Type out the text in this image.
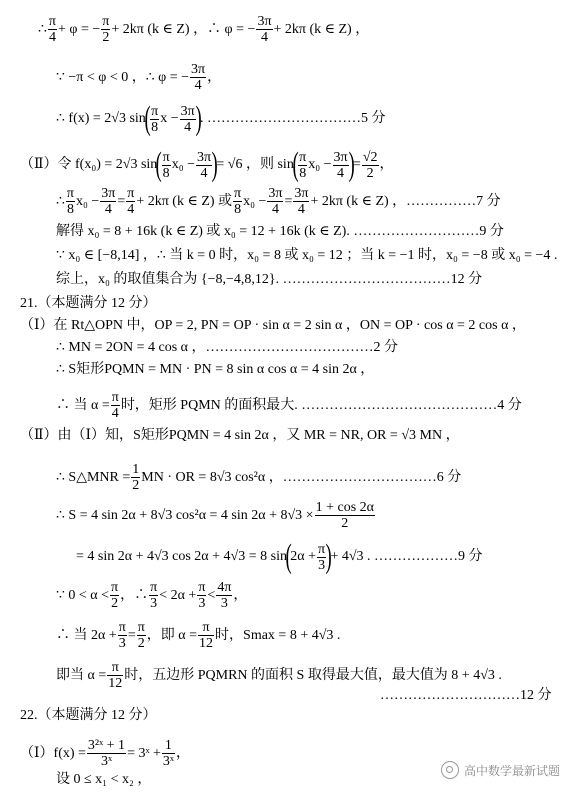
∴ $\frac{\pi}{4} + \varphi$ = − $\frac{\pi}{2} + 2k\pi$ (k ∈ Z) ，∴ φ = − $\frac{3\pi}{4} + 2k\pi$ (k ∈ Z) ，
∵ −π < φ < 0 ，∴ φ = − $\frac{3\pi}{4}$ ，
∴ f(x) = 2√3 $\sin( \frac{\pi}{8}$ $x - \frac{3\pi}{4}$ ). ……………………………5 分
（Ⅱ）令 f(x₀) = 2√3 $\sin( \frac{\pi}{8} x_0 - \frac{3\pi}{4}$ )= √6 ，则 $\sin( \frac{\pi}{8} x_0 - \frac{3\pi}{4}$ )= $\frac{√2}{2}$ ，
∴ $\frac{\pi}{8} x_0 - \frac{3\pi}{4} = \frac{\pi}{4} + 2k\pi$ (k ∈ Z) 或 $\frac{\pi}{8} x_0 - \frac{3\pi}{4} = \frac{3\pi}{4} + 2k\pi$ (k ∈ Z) ，……………7 分
解得 x₀ = 8 + 16k (k ∈ Z) 或 x₀ = 12 + 16k (k ∈ Z). ………………………9 分
∵ x₀ ∈ [−8,14] ，∴ 当 k = 0 时，x₀ = 8 或 x₀ = 12 ；当 k = −1 时，x₀ = −8 或 x₀ = −4 .
综上，x₀ 的取值集合为 {−8,−4,8,12}. ………………………………12 分
21.（本题满分 12 分）
（Ⅰ）在 Rt△OPN 中，OP = 2, PN = OP · sin α = 2 sin α ，ON = OP · cos α = 2 cos α ，
∴ MN = 2ON = 4 cos α ，………………………………2 分
∴ S矩形PQMN = MN · PN = 8 sin α cos α = 4 sin 2α ，
∴ 当 $\alpha = \frac{\pi}{4}$ 时，矩形 PQMN 的面积最大. ……………………………………4 分
（Ⅱ）由（Ⅰ）知，S矩形PQMN = 4 sin 2α ，又 MR = NR, OR = √3 MN ，
∴ S△MNR = $\frac{1}{2}$ MN · OR = 8√3 cos²α ，……………………………6 分
∴ S = 4 sin 2α + 8√3 cos²α = 4 $\sin 2\alpha + 8√3 \times \frac{1 + \cos 2\alpha}{2}$
= 4 sin 2α + 4√3 cos 2α + 4√3 = 8 $\sin(2\alpha + \frac{\pi}{3}$ )+ 4√3 . ………………9 分
∵ $0 < \alpha < \frac{\pi}{2}$ ，∴ $\frac{\pi}{3} < 2\alpha + \frac{\pi}{3} < \frac{4\pi}{3}$ ，
∴ 当 $2\alpha + \frac{\pi}{3} = \frac{\pi}{2}$ ，即 $\alpha = \frac{\pi}{12}$ 时，Smax = 8 + 4√3 .
即当 $\alpha = \frac{\pi}{12}$ 时，五边形 PQMRN 的面积 S 取得最大值，最大值为 8 + 4√3 .
…………………………12 分
22.（本题满分 12 分）
（Ⅰ）f(x) = $\frac{\text{3²ˣ + 1}}{\text{3ˣ}}$ = 3ˣ + $\frac{1}{\text{3ˣ}}$ ，
设 0 ≤ x₁ < x₂ ，
高中数学最新试题
